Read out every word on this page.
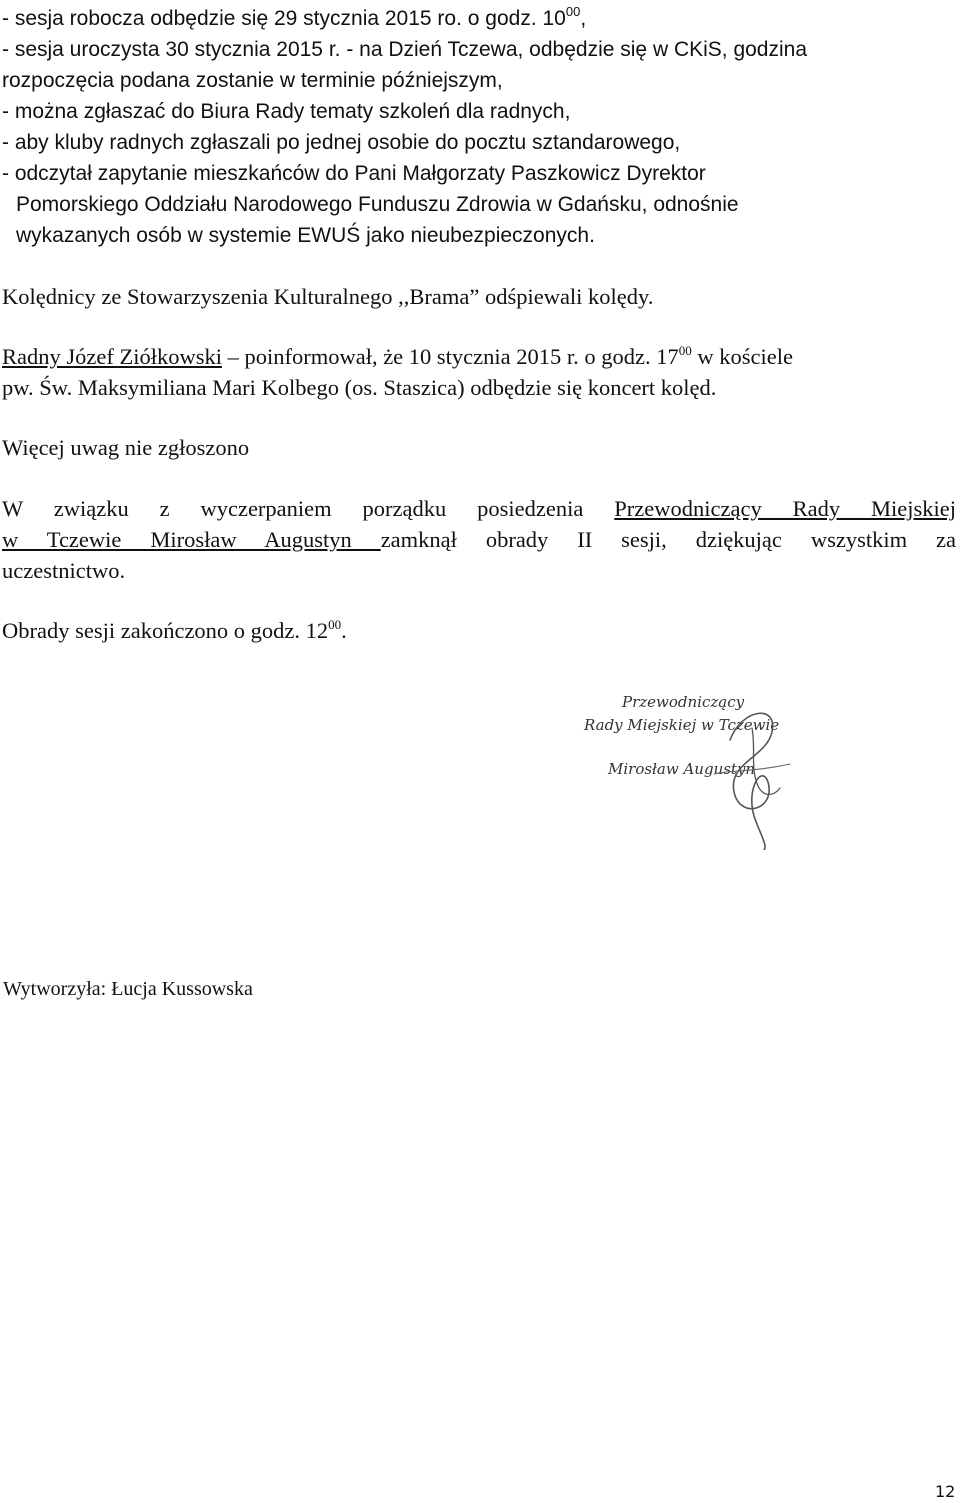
- sesja robocza odbędzie się 29 stycznia 2015 ro. o godz. $10^{00}$,
- sesja uroczysta 30 stycznia 2015 r. - na Dzień Tczewa, odbędzie się w CKiS, godzina
rozpoczęcia podana zostanie w terminie późniejszym,
- można zgłaszać do Biura Rady tematy szkoleń dla radnych,
- aby kluby radnych zgłaszali po jednej osobie do pocztu sztandarowego,
- odczytał zapytanie mieszkańców do Pani Małgorzaty Paszkowicz Dyrektor
Pomorskiego Oddziału Narodowego Funduszu Zdrowia w Gdańsku, odnośnie
wykazanych osób w systemie EWUŚ jako nieubezpieczonych.
Kolędnicy ze Stowarzyszenia Kulturalnego ,,Brama” odśpiewali kolędy.
Radny Józef Ziółkowski – poinformował, że 10 stycznia 2015 r. o godz. $17^{00}$ w kościele
pw. Św. Maksymiliana Mari Kolbego (os. Staszica) odbędzie się koncert kolęd.
Więcej uwag nie zgłoszono
W związku z wyczerpaniem porządku posiedzenia Przewodniczący Rady Miejskiej
w Tczewie Mirosław Augustyn zamknął obrady II sesji, dziękując wszystkim za
uczestnictwo.
Obrady sesji zakończono o godz. $12^{00}$.
Przewodniczący
Rady Miejskiej w Tczewie
Mirosław Augustyn
Wytworzyła: Łucja Kussowska
12
